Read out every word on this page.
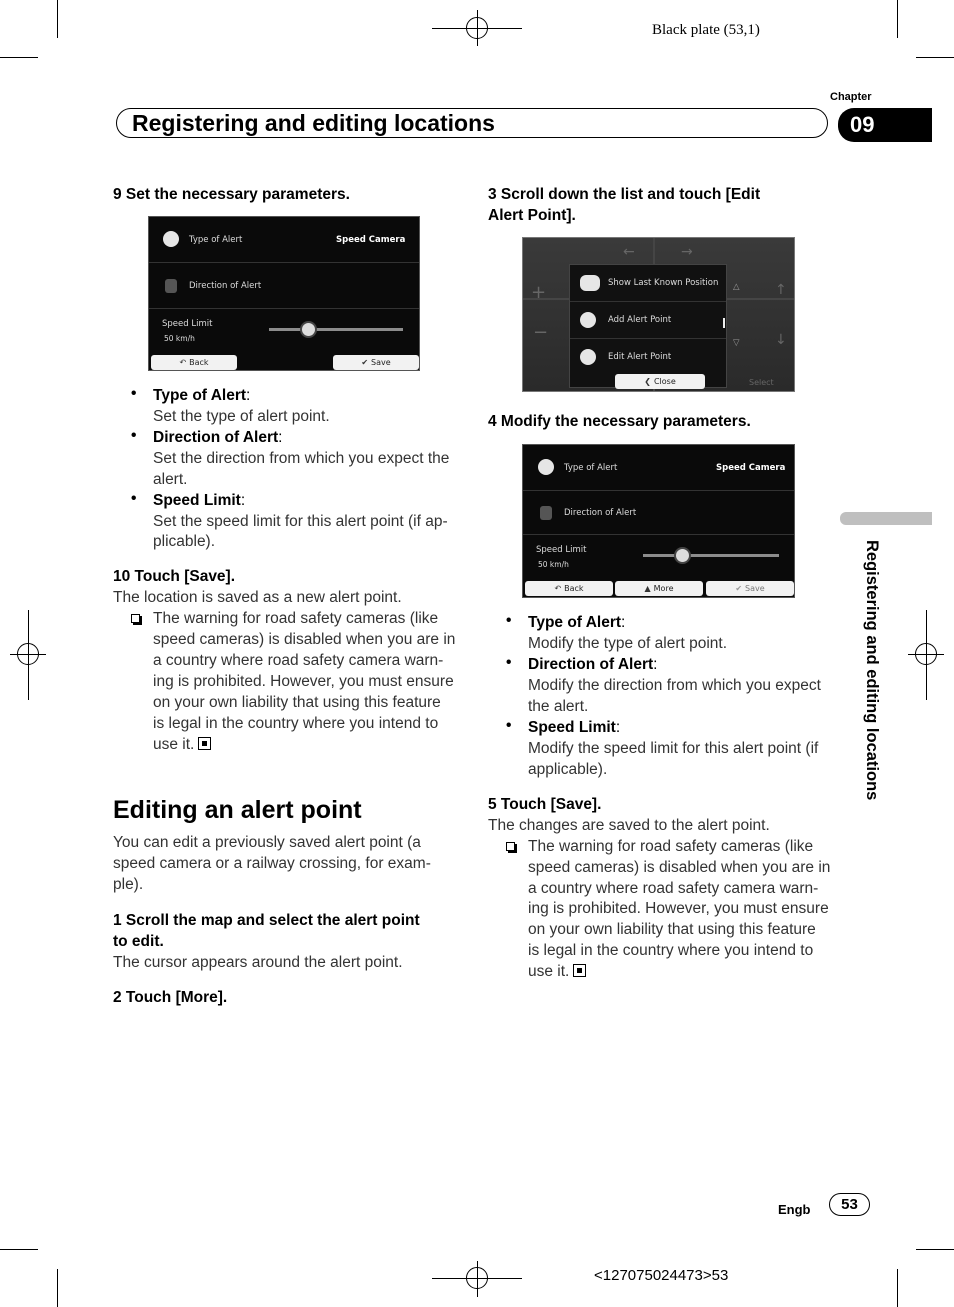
Black plate (53,1)
Chapter
Registering and editing locations	09
Registering and editing locations
9 Set the necessary parameters.
Type of Alert	Speed Camera
Direction of Alert
Speed Limit
50 km/h
↶ Back	✔ Save
• Type of Alert:
Set the type of alert point.
• Direction of Alert:
Set the direction from which you expect the
alert.
• Speed Limit:
Set the speed limit for this alert point (if ap-
plicable).
10 Touch [Save].
The location is saved as a new alert point.
The warning for road safety cameras (like
speed cameras) is disabled when you are in
a country where road safety camera warn-
ing is prohibited. However, you must ensure
on your own liability that using this feature
is legal in the country where you intend to
use it.
Editing an alert point
You can edit a previously saved alert point (a
speed camera or a railway crossing, for exam-
ple).
1 Scroll the map and select the alert point
to edit.
The cursor appears around the alert point.
2 Touch [More].
3 Scroll down the list and touch [Edit
Alert Point].
+
−
←	→
↑
↓
Select
Show Last Known Position
Add Alert Point
Edit Alert Point
△
▽
❮ Close
4 Modify the necessary parameters.
Type of Alert	Speed Camera
Direction of Alert
Speed Limit
50 km/h
↶ Back	▲ More	✔ Save
• Type of Alert:
Modify the type of alert point.
• Direction of Alert:
Modify the direction from which you expect
the alert.
• Speed Limit:
Modify the speed limit for this alert point (if
applicable).
5 Touch [Save].
The changes are saved to the alert point.
The warning for road safety cameras (like
speed cameras) is disabled when you are in
a country where road safety camera warn-
ing is prohibited. However, you must ensure
on your own liability that using this feature
is legal in the country where you intend to
use it.
Engb	53
<127075024473>53
